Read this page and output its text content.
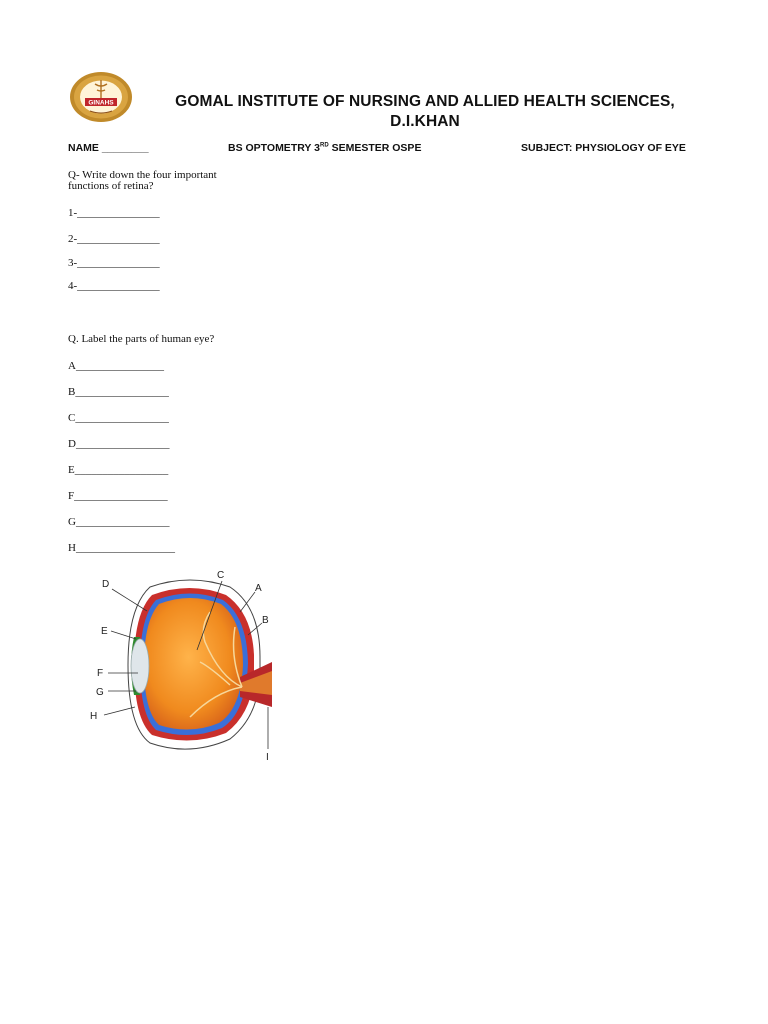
GINAHS	GOMAL INSTITUTE OF NURSING AND ALLIED HEALTH SCIENCES,
D.I.KHAN
NAME ________	BS OPTOMETRY 3RD SEMESTER OSPE	SUBJECT: PHYSIOLOGY OF EYE
Q- Write down the four important
functions of retina?
1-_______________
2-_______________
3-_______________
4-_______________
Q. Label the parts of human eye?
A________________
B_________________
C_________________
D_________________
E_________________
F_________________
G_________________
H__________________
D
E
F
G
H
C
A
B
I
